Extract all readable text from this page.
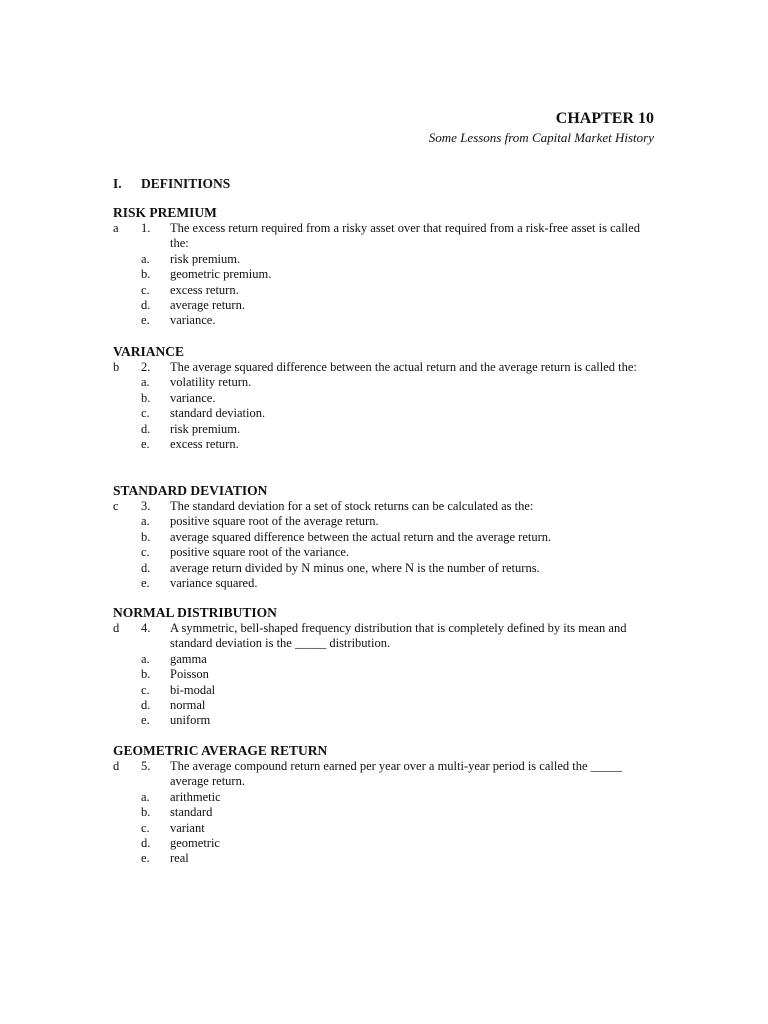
CHAPTER 10
Some Lessons from Capital Market History
I. DEFINITIONS
RISK PREMIUM
a 1. The excess return required from a risky asset over that required from a risk-free asset is called the:
a. risk premium.
b. geometric premium.
c. excess return.
d. average return.
e. variance.
VARIANCE
b 2. The average squared difference between the actual return and the average return is called the:
a. volatility return.
b. variance.
c. standard deviation.
d. risk premium.
e. excess return.
STANDARD DEVIATION
c 3. The standard deviation for a set of stock returns can be calculated as the:
a. positive square root of the average return.
b. average squared difference between the actual return and the average return.
c. positive square root of the variance.
d. average return divided by N minus one, where N is the number of returns.
e. variance squared.
NORMAL DISTRIBUTION
d 4. A symmetric, bell-shaped frequency distribution that is completely defined by its mean and standard deviation is the _____ distribution.
a. gamma
b. Poisson
c. bi-modal
d. normal
e. uniform
GEOMETRIC AVERAGE RETURN
d 5. The average compound return earned per year over a multi-year period is called the _____ average return.
a. arithmetic
b. standard
c. variant
d. geometric
e. real
